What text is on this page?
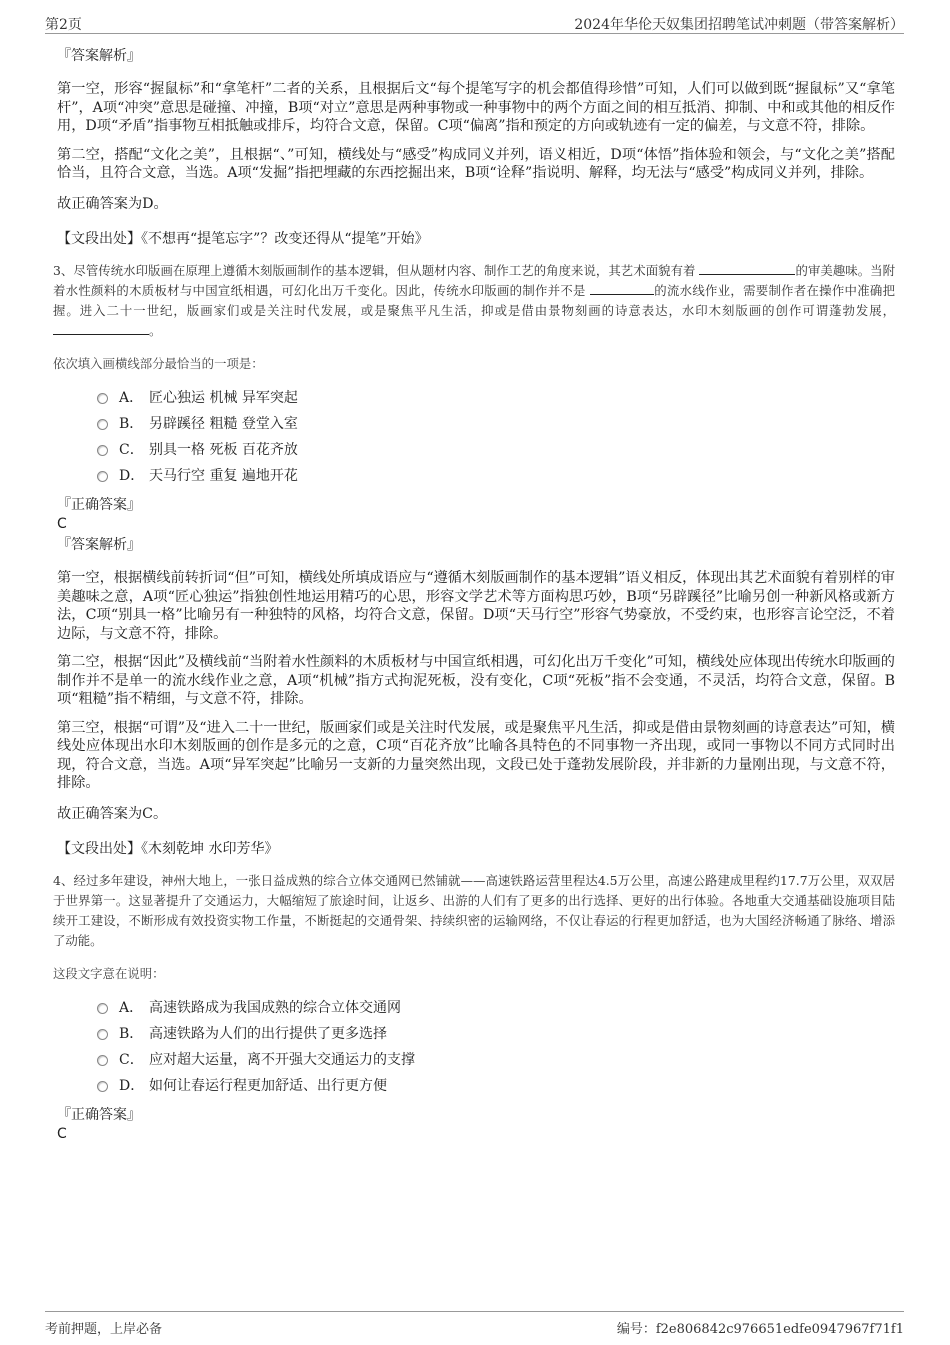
第2页	2024年华伦天奴集团招聘笔试冲刺题（带答案解析）
『答案解析』

第一空，形容“握鼠标”和“拿笔杆”二者的关系，且根据后文“每个提笔写字的机会都值得珍惜”可知，人们可以做到既“握鼠标”又“拿笔杆”，A项“冲突”意思是碰撞、冲撞，B项“对立”意思是两种事物或一种事物中的两个方面之间的相互抵消、抑制、中和或其他的相反作用，D项“矛盾”指事物互相抵触或排斥，均符合文意，保留。C项“偏离”指和预定的方向或轨迹有一定的偏差，与文意不符，排除。

第二空，搭配“文化之美”，且根据“、”可知，横线处与“感受”构成同义并列，语义相近，D项“体悟”指体验和领会，与“文化之美”搭配恰当，且符合文意，当选。A项“发掘”指把埋藏的东西挖掘出来，B项“诠释”指说明、解释，均无法与“感受”构成同义并列，排除。

故正确答案为D。

【文段出处】《不想再“提笔忘字”？改变还得从“提笔”开始》

3、尽管传统水印版画在原理上遵循木刻版画制作的基本逻辑，但从题材内容、制作工艺的角度来说，其艺术面貌有着	的审美趣味。当附着水性颜料的木质板材与中国宣纸相遇，可幻化出万千变化。因此，传统水印版画的制作并不是	的流水线作业，需要制作者在操作中准确把握。进入二十一世纪，版画家们或是关注时代发展，或是聚焦平凡生活，抑或是借由景物刻画的诗意表达，水印木刻版画的创作可谓蓬勃发展， 。

依次填入画横线部分最恰当的一项是：

A． 匠心独运 机械 异军突起
B． 另辟蹊径 粗糙 登堂入室
C． 别具一格 死板 百花齐放
D． 天马行空 重复 遍地开花
『正确答案』
C
『答案解析』

第一空，根据横线前转折词“但”可知，横线处所填成语应与“遵循木刻版画制作的基本逻辑”语义相反，体现出其艺术面貌有着别样的审美趣味之意，A项“匠心独运”指独创性地运用精巧的心思，形容文学艺术等方面构思巧妙，B项“另辟蹊径”比喻另创一种新风格或新方法，C项“别具一格”比喻另有一种独特的风格，均符合文意，保留。D项“天马行空”形容气势豪放，不受约束，也形容言论空泛，不着边际，与文意不符，排除。

第二空，根据“因此”及横线前“当附着水性颜料的木质板材与中国宣纸相遇，可幻化出万千变化”可知，横线处应体现出传统水印版画的制作并不是单一的流水线作业之意，A项“机械”指方式拘泥死板，没有变化，C项“死板”指不会变通，不灵活，均符合文意，保留。B项“粗糙”指不精细，与文意不符，排除。

第三空，根据“可谓”及“进入二十一世纪，版画家们或是关注时代发展，或是聚焦平凡生活，抑或是借由景物刻画的诗意表达”可知，横线处应体现出水印木刻版画的创作是多元的之意，C项“百花齐放”比喻各具特色的不同事物一齐出现，或同一事物以不同方式同时出现，符合文意，当选。A项“异军突起”比喻另一支新的力量突然出现，文段已处于蓬勃发展阶段，并非新的力量刚出现，与文意不符，排除。

故正确答案为C。

【文段出处】《木刻乾坤 水印芳华》

4、经过多年建设，神州大地上，一张日益成熟的综合立体交通网已然铺就——高速铁路运营里程达4.5万公里，高速公路建成里程约17.7万公里，双双居于世界第一。这显著提升了交通运力，大幅缩短了旅途时间，让返乡、出游的人们有了更多的出行选择、更好的出行体验。各地重大交通基础设施项目陆续开工建设，不断形成有效投资实物工作量，不断挺起的交通骨架、持续织密的运输网络，不仅让春运的行程更加舒适，也为大国经济畅通了脉络、增添了动能。

这段文字意在说明：

A． 高速铁路成为我国成熟的综合立体交通网
B． 高速铁路为人们的出行提供了更多选择
C． 应对超大运量，离不开强大交通运力的支撑
D． 如何让春运行程更加舒适、出行更方便
『正确答案』
C
考前押题，上岸必备	编号：f2e806842c976651edfe0947967f71f1
